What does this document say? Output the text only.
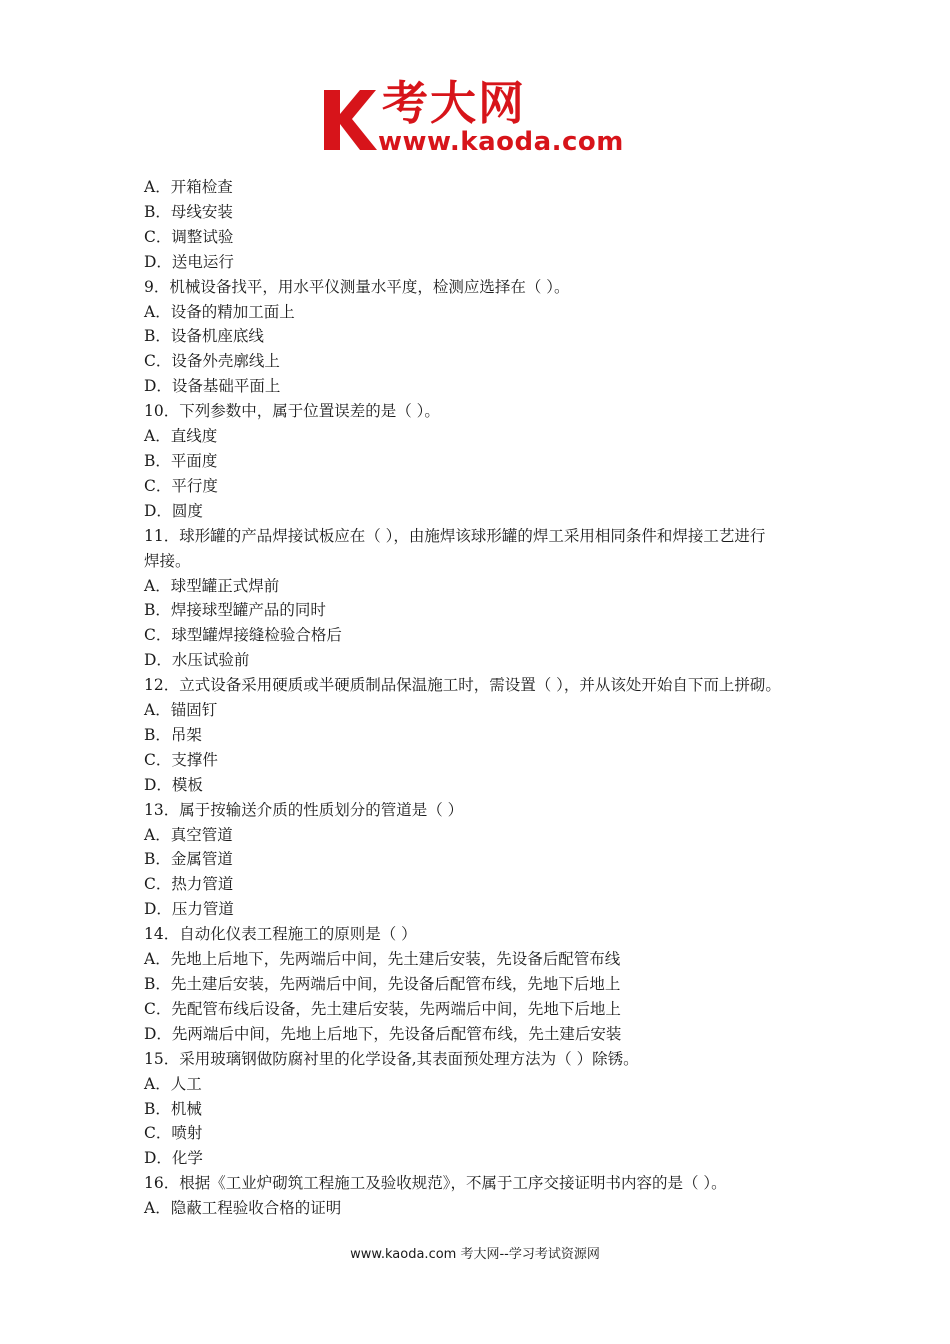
考大网
www.kaoda.com

A．开箱检查

B．母线安装

C．调整试验

D．送电运行

9．机械设备找平，用水平仪测量水平度，检测应选择在（ ）。

A．设备的精加工面上

B．设备机座底线

C．设备外壳廓线上

D．设备基础平面上

10．下列参数中，属于位置误差的是（ ）。

A．直线度

B．平面度

C．平行度

D．圆度

11．球形罐的产品焊接试板应在（ ），由施焊该球形罐的焊工采用相同条件和焊接工艺进行

焊接。

A．球型罐正式焊前

B．焊接球型罐产品的同时

C．球型罐焊接缝检验合格后

D．水压试验前

12．立式设备采用硬质或半硬质制品保温施工时，需设置（ ），并从该处开始自下而上拼砌。

A．锚固钉

B．吊架

C．支撑件

D．模板

13．属于按输送介质的性质划分的管道是（ ）

A．真空管道

B．金属管道

C．热力管道

D．压力管道

14．自动化仪表工程施工的原则是（ ）

A．先地上后地下，先两端后中间，先土建后安装，先设备后配管布线

B．先土建后安装，先两端后中间，先设备后配管布线，先地下后地上

C．先配管布线后设备，先土建后安装，先两端后中间，先地下后地上

D．先两端后中间，先地上后地下，先设备后配管布线，先土建后安装

15．采用玻璃钢做防腐衬里的化学设备,其表面预处理方法为（ ）除锈。

A．人工

B．机械

C．喷射

D．化学

16．根据《工业炉砌筑工程施工及验收规范》，不属于工序交接证明书内容的是（ ）。

A．隐蔽工程验收合格的证明

www.kaoda.com 考大网--学习考试资源网
